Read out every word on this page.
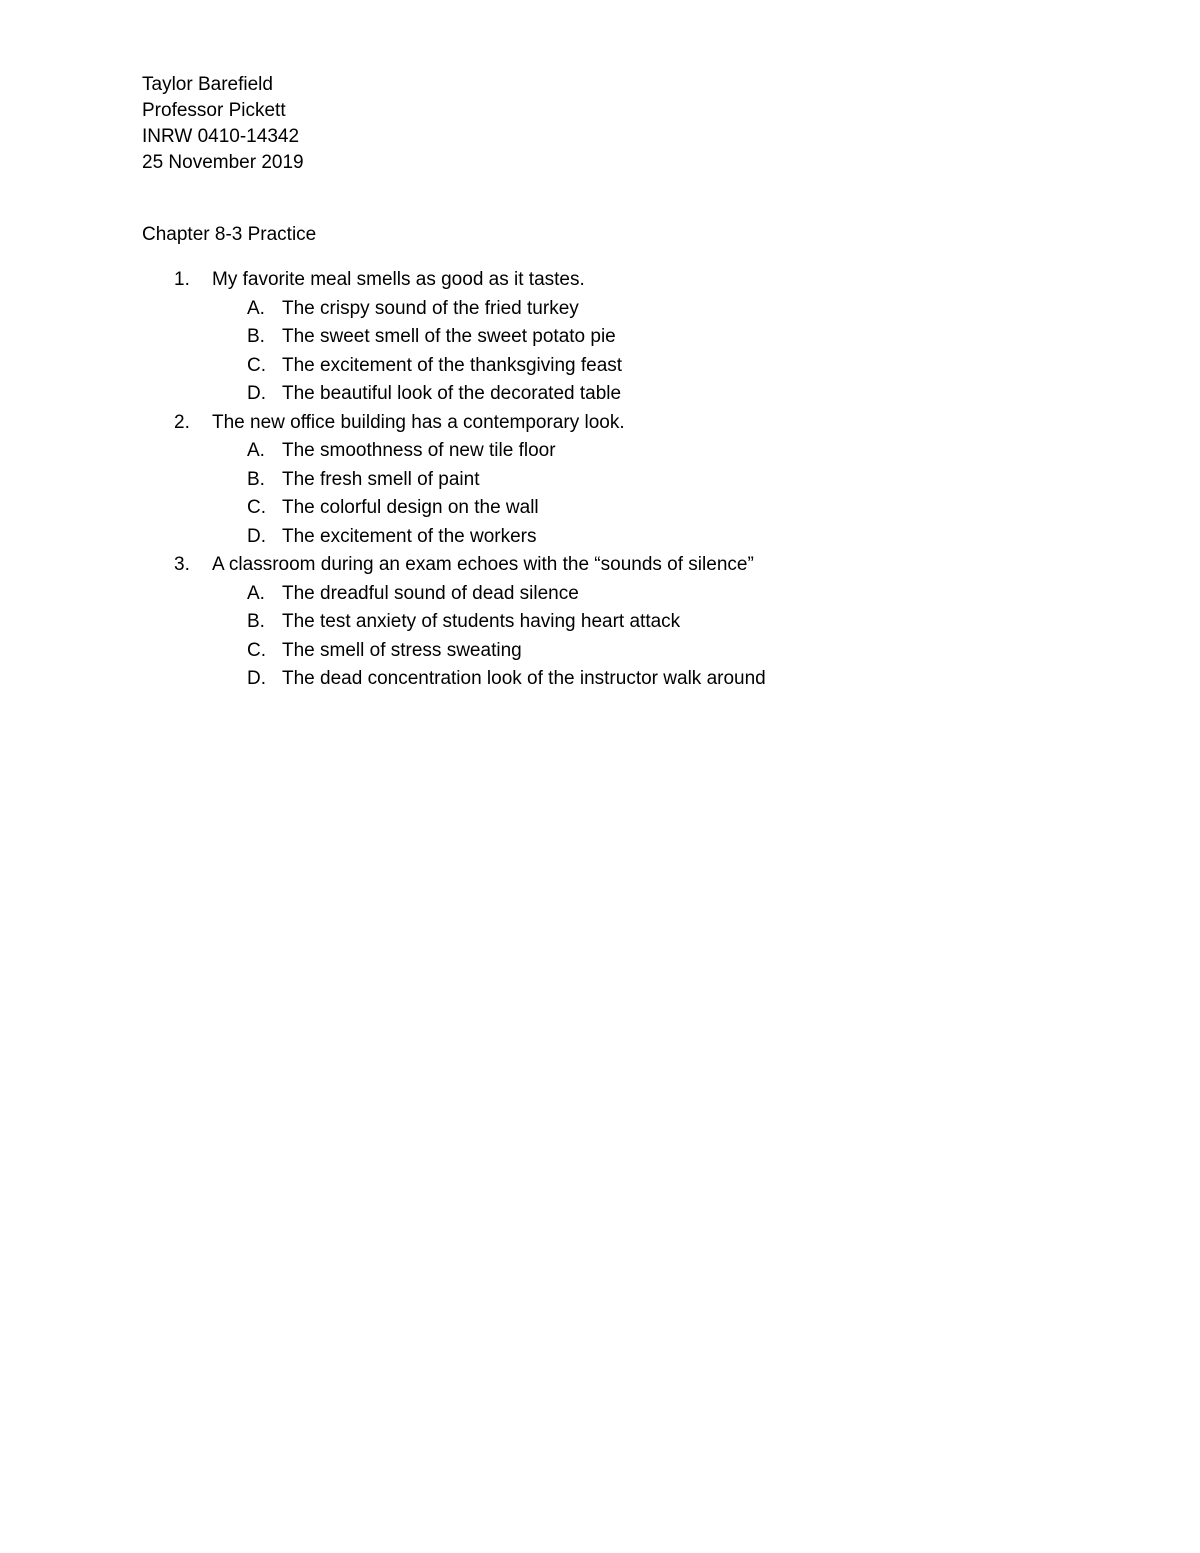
Taylor Barefield
Professor Pickett
INRW 0410-14342
25 November 2019
Chapter 8-3 Practice
1. My favorite meal smells as good as it tastes.
A. The crispy sound of the fried turkey
B. The sweet smell of the sweet potato pie
C. The excitement of the thanksgiving feast
D. The beautiful look of the decorated table
2. The new office building has a contemporary look.
A. The smoothness of new tile floor
B. The fresh smell of paint
C. The colorful design on the wall
D. The excitement of the workers
3. A classroom during an exam echoes with the “sounds of silence”
A. The dreadful sound of dead silence
B. The test anxiety of students having heart attack
C. The smell of stress sweating
D. The dead concentration look of the instructor walk around
